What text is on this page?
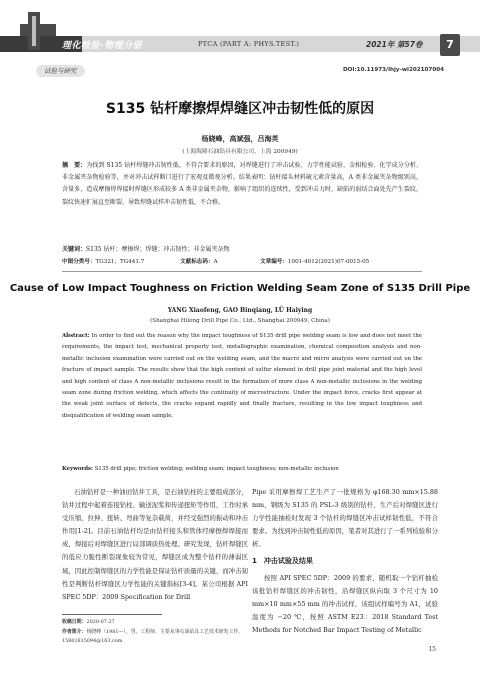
理化检验-物理分册	PTCA (PART A: PHYS.TEST.)	2021年 第57卷	7
试验与研究	DOI:10.11973/lhjy-wl202107004
S135 钻杆摩擦焊焊缝区冲击韧性低的原因
杨晓峰，高斌强，吕海英
(上海海隆石油钻具有限公司，上海 200949)
摘　要：为找到 S135 钻杆焊缝冲击韧性低、不符合要求的原因，对焊缝进行了冲击试验、力学性能试验、金相检验、化学成分分析、非金属夹杂物检验等，并对冲击试样断口进行了宏观及微观分析。结果表明：钻杆接头材料硫元素含量高，A 类非金属夹杂物级别高，含量多，造成摩擦焊焊接时焊缝区形成较多 A 类非金属夹杂物，影响了组织的连续性，受到冲击力时，缺陷的弱结合面处先产生裂纹，裂纹快速扩展直至断裂，导致焊缝试样冲击韧性低，不合格。
关键词：S135 钻杆；摩擦焊；焊缝；冲击韧性；非金属夹杂物
中图分类号：TG321；TG441.7	文献标志码：A	文章编号：1001-4012(2021)07-0015-05
Cause of Low Impact Toughness on Friction Welding Seam Zone of S135 Drill Pipe
YANG Xiaofeng, GAO Binqiang, LÜ Haiying
(Shanghai Hilong Drill Pipe Co., Ltd., Shanghai 200949, China)
Abstract: In order to find out the reason why the impact toughness of S135 drill pipe welding seam is low and does not meet the requirements, the impact test, mechanical property test, metallographic examination, chemical composition analysis and non-metallic inclusion examination were carried out on the welding seam, and the macro and micro analysis were carried out on the fracture of impact sample. The results show that the high content of sulfur element in drill pipe joint material and the high level and high content of class A non-metallic inclusions result in the formation of more class A non-metallic inclusions in the welding seam zone during friction welding, which affects the continuity of microstructure. Under the impact force, cracks first appear at the weak joint surface of defects, the cracks expand rapidly and finally fracture, resulting in the low impact toughness and disqualification of welding seam sample.
Keywords: S135 drill pipe; friction welding; welding seam; impact toughness; non-metallic inclusion

石油钻杆是一种油田钻井工具，是石油钻柱的主要组成部分，钻井过程中起着连接钻柱、输送泥浆和传递扭矩等作用，工作时承受压缩、拉伸、扭转、弯曲等复杂载荷，并经受强烈的振动和冲击作用[1-2]。目前石油钻杆均是由钻杆接头和管体经摩擦焊焊接而成，焊接后对焊缝区进行局部调质热处理。研究发现，钻杆焊缝区的低应力脆性断裂现象较为常见，焊缝区成为整个钻杆的薄弱区域，因此控制焊缝区的力学性能是保证钻杆质量的关键，而冲击韧性是判断钻杆焊缝区力学性能的关键指标[3-4]。某公司根据 API SPEC 5DP：2009 Specification for Drill

Pipe 采用摩擦焊工艺生产了一批规格为 φ168.30 mm×15.88 mm，钢级为 S135 的 PSL-3 级别的钻杆，生产后对焊缝区进行力学性能抽检时发现 3 个钻杆的焊缝区冲击试样韧性低，不符合要求。为找到冲击韧性低的原因，笔者对其进行了一系列检验和分析。

1　冲击试验及结果

按照 API SPEC 5DP：2009 的要求，随机取一个钻杆抽检该批钻杆焊缝区的冲击韧性，沿焊缝区纵向取 3 个尺寸为 10 mm×10 mm×55 mm 的冲击试样，该组试样编号为 A1，试验温度为 −20 ℃，按照 ASTM E23：2018 Standard Test Methods for Notched Bar Impact Testing of Metallic

收稿日期：2020-07-27
作者简介：杨晓峰（1981—），男，工程师，主要从事石油钻具工艺技术研发工作，15801815094@163.com
15
